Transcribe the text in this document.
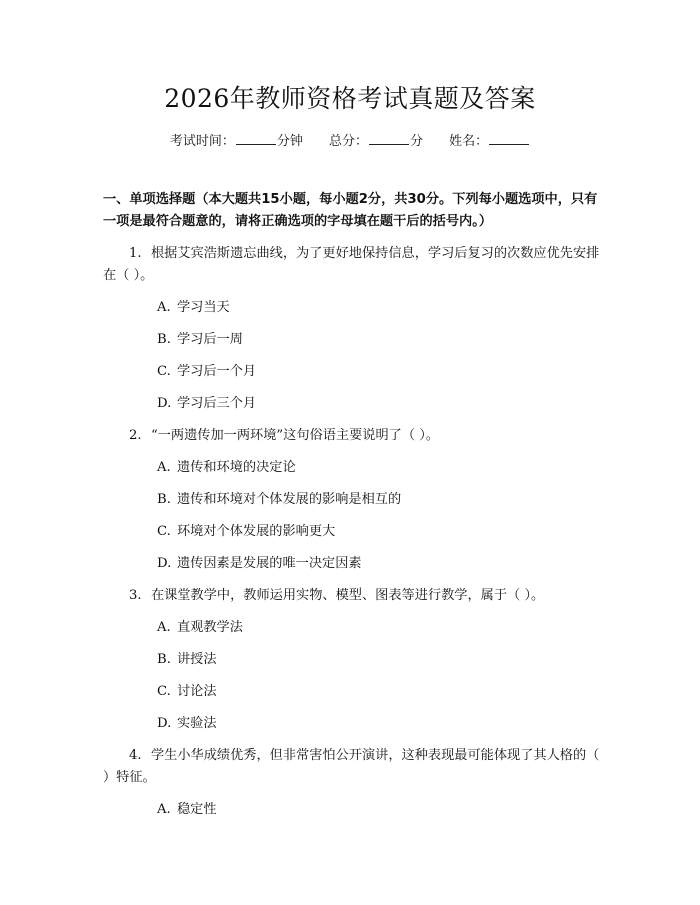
2026年教师资格考试真题及答案
考试时间：	分钟 总分：	分 姓名：
一、单项选择题（本大题共15小题，每小题2分，共30分。下列每小题选项中，只有一项是最符合题意的，请将正确选项的字母填在题干后的括号内。）
1. 根据艾宾浩斯遗忘曲线，为了更好地保持信息，学习后复习的次数应优先安排在（ ）。
A. 学习当天
B. 学习后一周
C. 学习后一个月
D. 学习后三个月
2. “一两遗传加一两环境”这句俗语主要说明了（ ）。
A. 遗传和环境的决定论
B. 遗传和环境对个体发展的影响是相互的
C. 环境对个体发展的影响更大
D. 遗传因素是发展的唯一决定因素
3. 在课堂教学中，教师运用实物、模型、图表等进行教学，属于（ ）。
A. 直观教学法
B. 讲授法
C. 讨论法
D. 实验法
4. 学生小华成绩优秀，但非常害怕公开演讲，这种表现最可能体现了其人格的（ ）特征。
A. 稳定性
